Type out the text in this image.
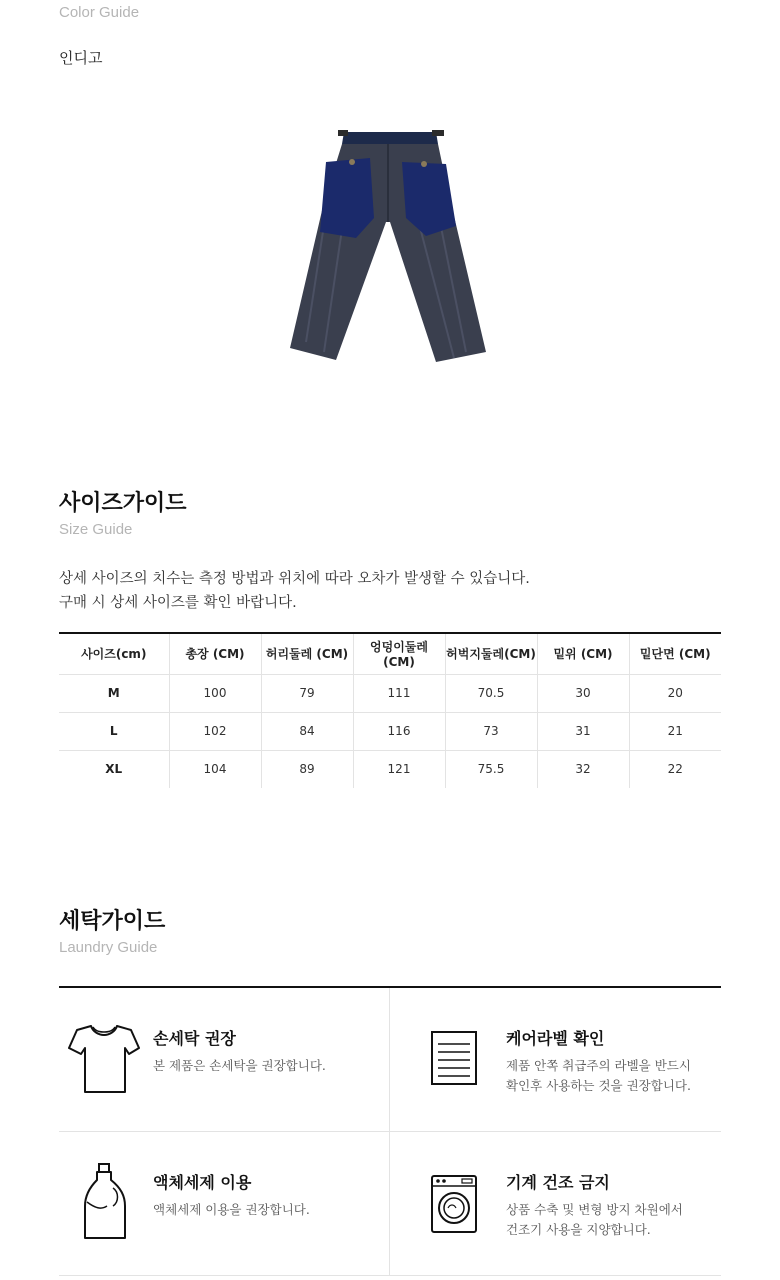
Color Guide
인디고
사이즈가이드
Size Guide
상세 사이즈의 치수는 측정 방법과 위치에 따라 오차가 발생할 수 있습니다.
구매 시 상세 사이즈를 확인 바랍니다.
사이즈(cm)	총장 (CM)	허리둘레 (CM)	엉덩이둘레 (CM)	허벅지둘레(CM)	밑위 (CM)	밑단면 (CM)
M	100	79	111	70.5	30	20
L	102	84	116	73	31	21
XL	104	89	121	75.5	32	22
세탁가이드
Laundry Guide
손세탁 권장
본 제품은 손세탁을 권장합니다.
케어라벨 확인
제품 안쪽 취급주의 라벨을 반드시
확인후 사용하는 것을 권장합니다.
액체세제 이용
액체세제 이용을 권장합니다.
기계 건조 금지
상품 수축 및 변형 방지 차원에서
건조기 사용을 지양합니다.
